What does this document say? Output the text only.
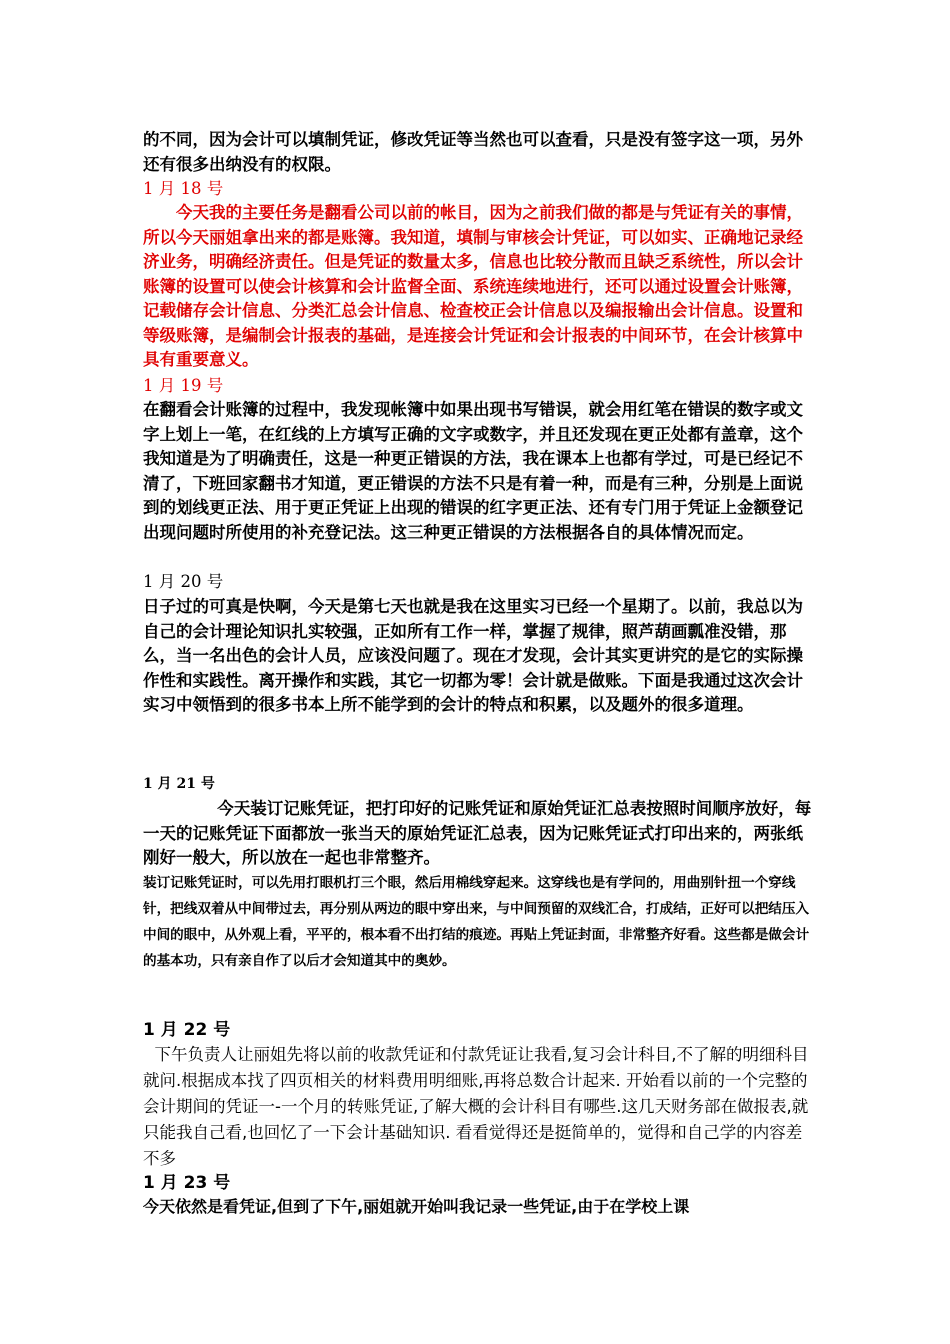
的不同，因为会计可以填制凭证，修改凭证等当然也可以查看，只是没有签字这一项，另外还有很多出纳没有的权限。

1 月 18 号

今天我的主要任务是翻看公司以前的帐目，因为之前我们做的都是与凭证有关的事情，所以今天丽姐拿出来的都是账簿。我知道，填制与审核会计凭证，可以如实、正确地记录经济业务，明确经济责任。但是凭证的数量太多，信息也比较分散而且缺乏系统性，所以会计账簿的设置可以使会计核算和会计监督全面、系统连续地进行，还可以通过设置会计账簿，记载储存会计信息、分类汇总会计信息、检查校正会计信息以及编报输出会计信息。设置和等级账簿，是编制会计报表的基础，是连接会计凭证和会计报表的中间环节，在会计核算中具有重要意义。

1 月 19 号

在翻看会计账簿的过程中，我发现帐簿中如果出现书写错误，就会用红笔在错误的数字或文字上划上一笔，在红线的上方填写正确的文字或数字，并且还发现在更正处都有盖章，这个我知道是为了明确责任，这是一种更正错误的方法，我在课本上也都有学过，可是已经记不清了，下班回家翻书才知道，更正错误的方法不只是有着一种，而是有三种，分别是上面说到的划线更正法、用于更正凭证上出现的错误的红字更正法、还有专门用于凭证上金额登记出现问题时所使用的补充登记法。这三种更正错误的方法根据各自的具体情况而定。

1 月 20 号

日子过的可真是快啊，今天是第七天也就是我在这里实习已经一个星期了。以前，我总以为自己的会计理论知识扎实较强，正如所有工作一样，掌握了规律，照芦葫画瓢准没错，那么，当一名出色的会计人员，应该没问题了。现在才发现，会计其实更讲究的是它的实际操作性和实践性。离开操作和实践，其它一切都为零！会计就是做账。下面是我通过这次会计实习中领悟到的很多书本上所不能学到的会计的特点和积累，以及题外的很多道理。

1 月 21 号

今天装订记账凭证，把打印好的记账凭证和原始凭证汇总表按照时间顺序放好，每一天的记账凭证下面都放一张当天的原始凭证汇总表，因为记账凭证式打印出来的，两张纸刚好一般大，所以放在一起也非常整齐。

装订记账凭证时，可以先用打眼机打三个眼，然后用棉线穿起来。这穿线也是有学问的，用曲别针扭一个穿线针，把线双着从中间带过去，再分别从两边的眼中穿出来，与中间预留的双线汇合，打成结，正好可以把结压入中间的眼中，从外观上看，平平的，根本看不出打结的痕迹。再贴上凭证封面，非常整齐好看。这些都是做会计的基本功，只有亲自作了以后才会知道其中的奥妙。

1 月 22 号

下午负责人让丽姐先将以前的收款凭证和付款凭证让我看,复习会计科目,不了解的明细科目就问.根据成本找了四页相关的材料费用明细账,再将总数合计起来. 开始看以前的一个完整的会计期间的凭证一-一个月的转账凭证,了解大概的会计科目有哪些.这几天财务部在做报表,就只能我自己看,也回忆了一下会计基础知识. 看看觉得还是挺简单的，觉得和自己学的内容差不多

1 月 23 号

今天依然是看凭证,但到了下午,丽姐就开始叫我记录一些凭证,由于在学校上课
